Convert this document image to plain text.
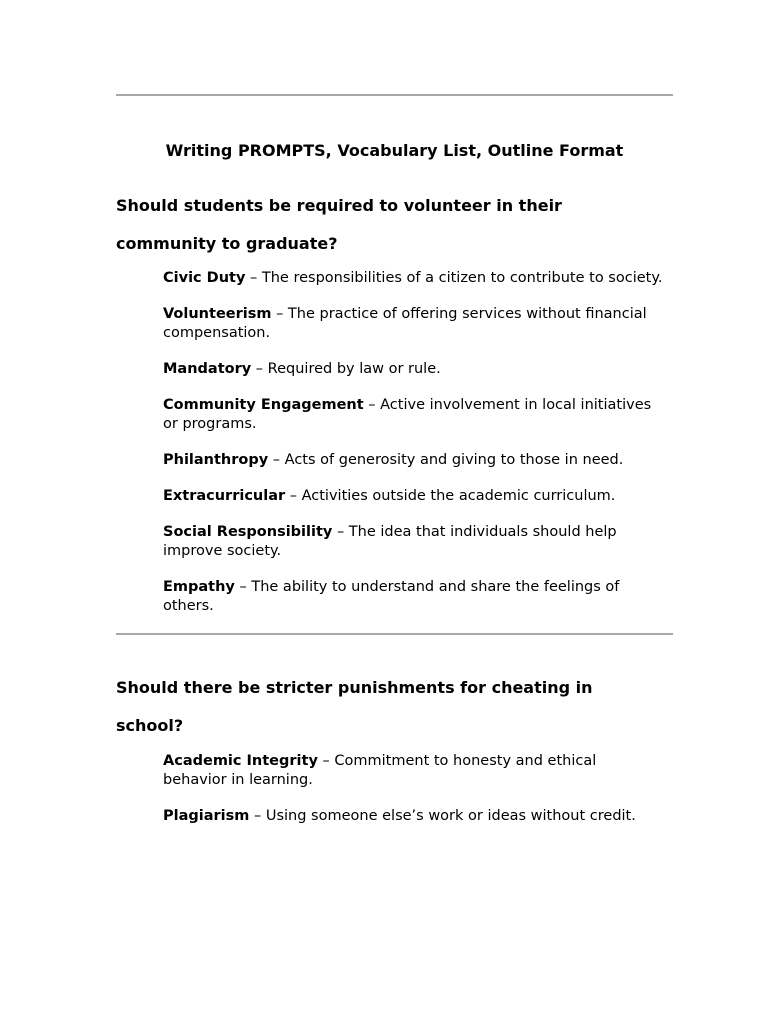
Writing PROMPTS, Vocabulary List, Outline Format
Should students be required to volunteer in their
community to graduate?
Civic Duty – The responsibilities of a citizen to contribute to society.
Volunteerism – The practice of offering services without financial compensation.
Mandatory – Required by law or rule.
Community Engagement – Active involvement in local initiatives or programs.
Philanthropy – Acts of generosity and giving to those in need.
Extracurricular – Activities outside the academic curriculum.
Social Responsibility – The idea that individuals should help improve society.
Empathy – The ability to understand and share the feelings of others.
Should there be stricter punishments for cheating in
school?
Academic Integrity – Commitment to honesty and ethical behavior in learning.
Plagiarism – Using someone else’s work or ideas without credit.
